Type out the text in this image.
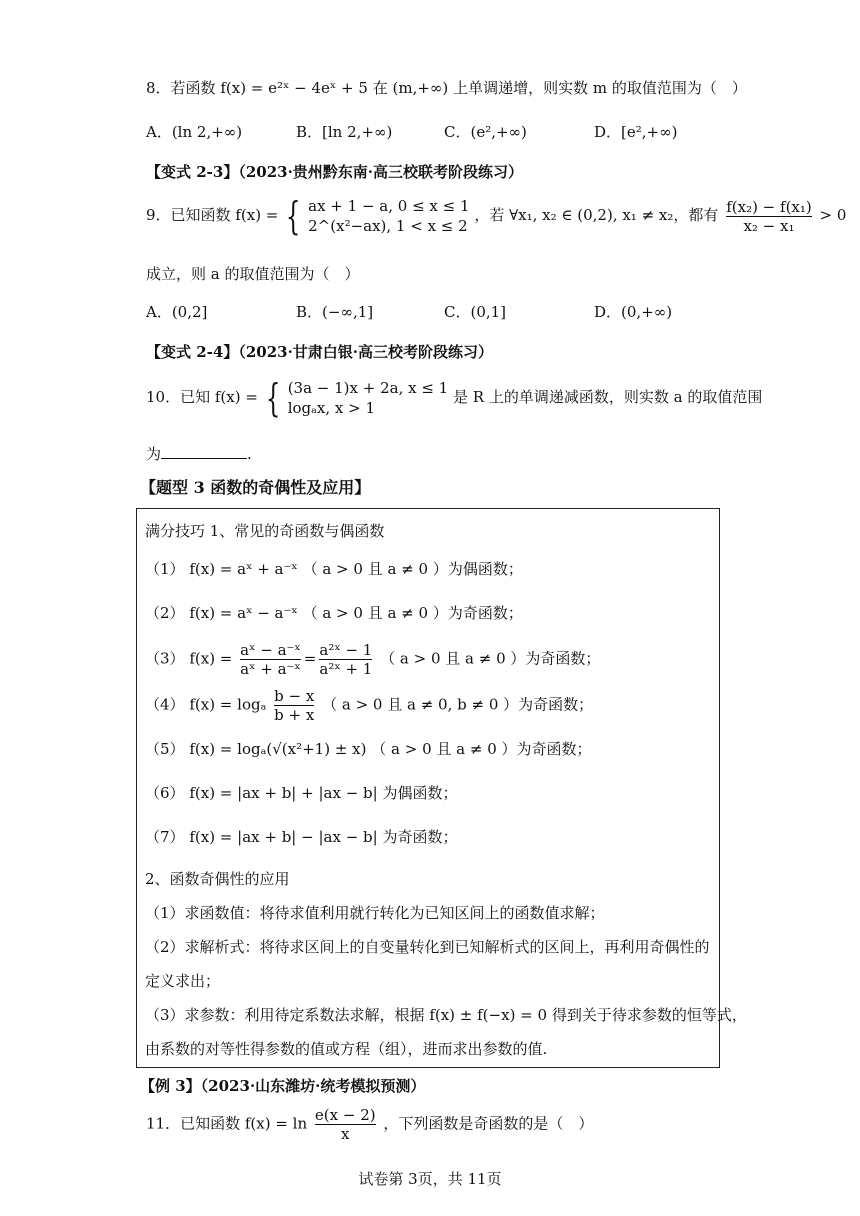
8．若函数 f(x) = e²ˣ − 4eˣ + 5 在 (m,+∞) 上单调递增，则实数 m 的取值范围为（　）
A．(ln 2,+∞)	B．[ln 2,+∞)	C．(e²,+∞)	D．[e²,+∞)
【变式 2-3】（2023·贵州黔东南·高三校联考阶段练习）
9．已知函数 f(x) = { ax + 1 − a, 0 ≤ x ≤ 1
2^(x²−ax), 1 < x ≤ 2
，若 ∀x₁, x₂ ∈ (0,2), x₁ ≠ x₂，都有 $\frac{\text{f(x₂) − f(x₁)}}{\text{x₂ − x₁}} > 0$
成立，则 a 的取值范围为（　）
A．(0,2]	B．(−∞,1]	C．(0,1]	D．(0,+∞)
【变式 2-4】（2023·甘肃白银·高三校考阶段练习）
10．已知 f(x) = { (3a − 1)x + 2a, x ≤ 1
logₐx, x > 1
是 R 上的单调递减函数，则实数 a 的取值范围
为	.
【题型 3 函数的奇偶性及应用】
满分技巧 1、常见的奇函数与偶函数
（1） f(x) = aˣ + a⁻ˣ （ a > 0 且 a ≠ 0 ）为偶函数；
（2） f(x) = aˣ − a⁻ˣ （ a > 0 且 a ≠ 0 ）为奇函数；
（3） $f(x) = \frac{\text{aˣ − a⁻ˣ}}{\text{aˣ + a⁻ˣ}} = \frac{\text{a²ˣ − 1}}{\text{a²ˣ + 1}}$ （ a > 0 且 a ≠ 0 ）为奇函数；
（4） f(x) = logₐ $\frac{b - x}{b + x}$ （ a > 0 且 a ≠ 0, b ≠ 0 ）为奇函数；
（5） f(x) = logₐ(√(x²+1) ± x) （ a > 0 且 a ≠ 0 ）为奇函数；
（6） f(x) = |ax + b| + |ax − b| 为偶函数；
（7） f(x) = |ax + b| − |ax − b| 为奇函数；
2、函数奇偶性的应用
（1）求函数值：将待求值利用就行转化为已知区间上的函数值求解；
（2）求解析式：将待求区间上的自变量转化到已知解析式的区间上，再利用奇偶性的
定义求出；
（3）求参数：利用待定系数法求解，根据 f(x) ± f(−x) = 0 得到关于待求参数的恒等式，
由系数的对等性得参数的值或方程（组），进而求出参数的值.
【例 3】（2023·山东潍坊·统考模拟预测）
11．已知函数 $f(x) = \ln \frac{e(x - 2)}{x}$ ，下列函数是奇函数的是（　）
试卷第 3页，共 11页
